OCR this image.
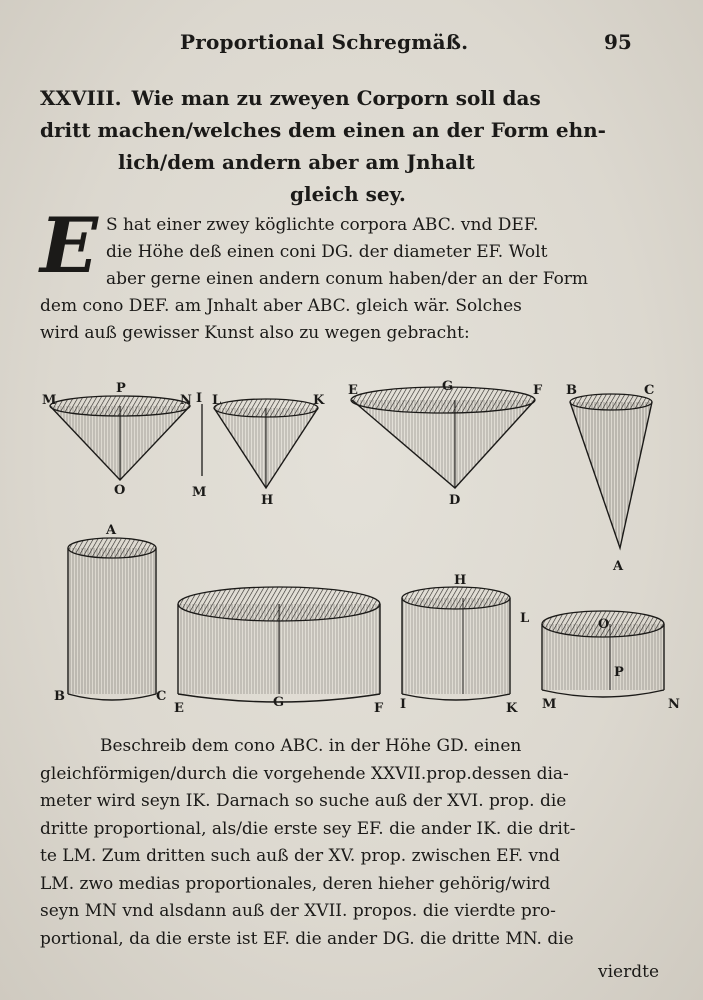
Proportional Schregmäß.	95
XXVIII. Wie man zu zweyen Corporn soll das
dritt machen/welches dem einen an der Form ehn-
lich/dem andern aber am Jnhalt
gleich sey.
E S hat einer zwey köglichte corpora ABC. vnd DEF.
die Höhe deß einen coni DG. der diameter EF. Wolt
aber gerne einen andern conum haben/der an der Form
dem cono DEF. am Jnhalt aber ABC. gleich wär. Solches
wird auß gewisser Kunst also zu wegen gebracht:
M
P
N
O
I
M
L	K
H
E	G	F
D
B	C
A
A
B	C
E	G	F
H
L
I	K
O
P
M	N
Beschreib dem cono ABC. in der Höhe GD. einen
gleichförmigen/durch die vorgehende XXVII.prop.dessen dia-
meter wird seyn IK. Darnach so suche auß der XVI. prop. die
dritte proportional, als/die erste sey EF. die ander IK. die drit-
te LM. Zum dritten such auß der XV. prop. zwischen EF. vnd
LM. zwo medias proportionales, deren hieher gehörig/wird
seyn MN vnd alsdann auß der XVII. propos. die vierdte pro-
portional, da die erste ist EF. die ander DG. die dritte MN. die
vierdte
